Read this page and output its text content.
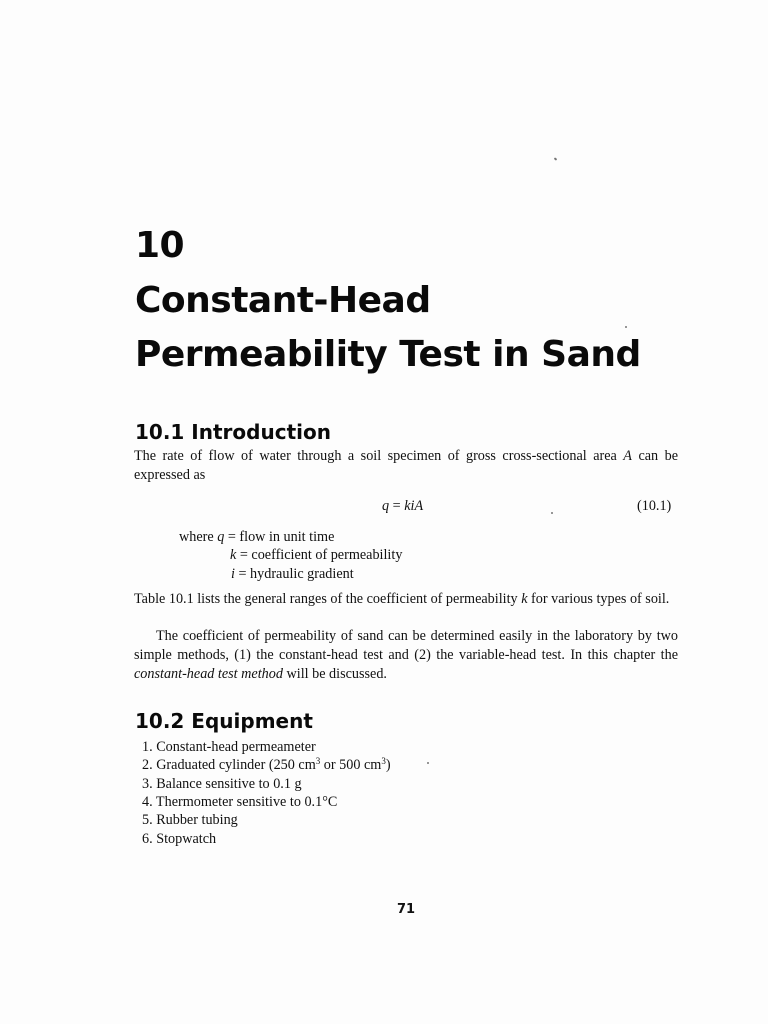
10
Constant-Head
Permeability Test in Sand
10.1 Introduction

The rate of flow of water through a soil specimen of gross cross-sectional area A can be expressed as

q = kiA	(10.1)
where q = flow in unit time
k = coefficient of permeability
i = hydraulic gradient

Table 10.1 lists the general ranges of the coefficient of permeability k for various types of soil.

The coefficient of permeability of sand can be determined easily in the laboratory by two simple methods, (1) the constant-head test and (2) the variable-head test. In this chapter the constant-head test method will be discussed.

10.2 Equipment
1. Constant-head permeameter
2. Graduated cylinder (250 $cm^3$ or 500 $cm^3$)
3. Balance sensitive to 0.1 g
4. Thermometer sensitive to 0.1°C
5. Rubber tubing
6. Stopwatch
71
